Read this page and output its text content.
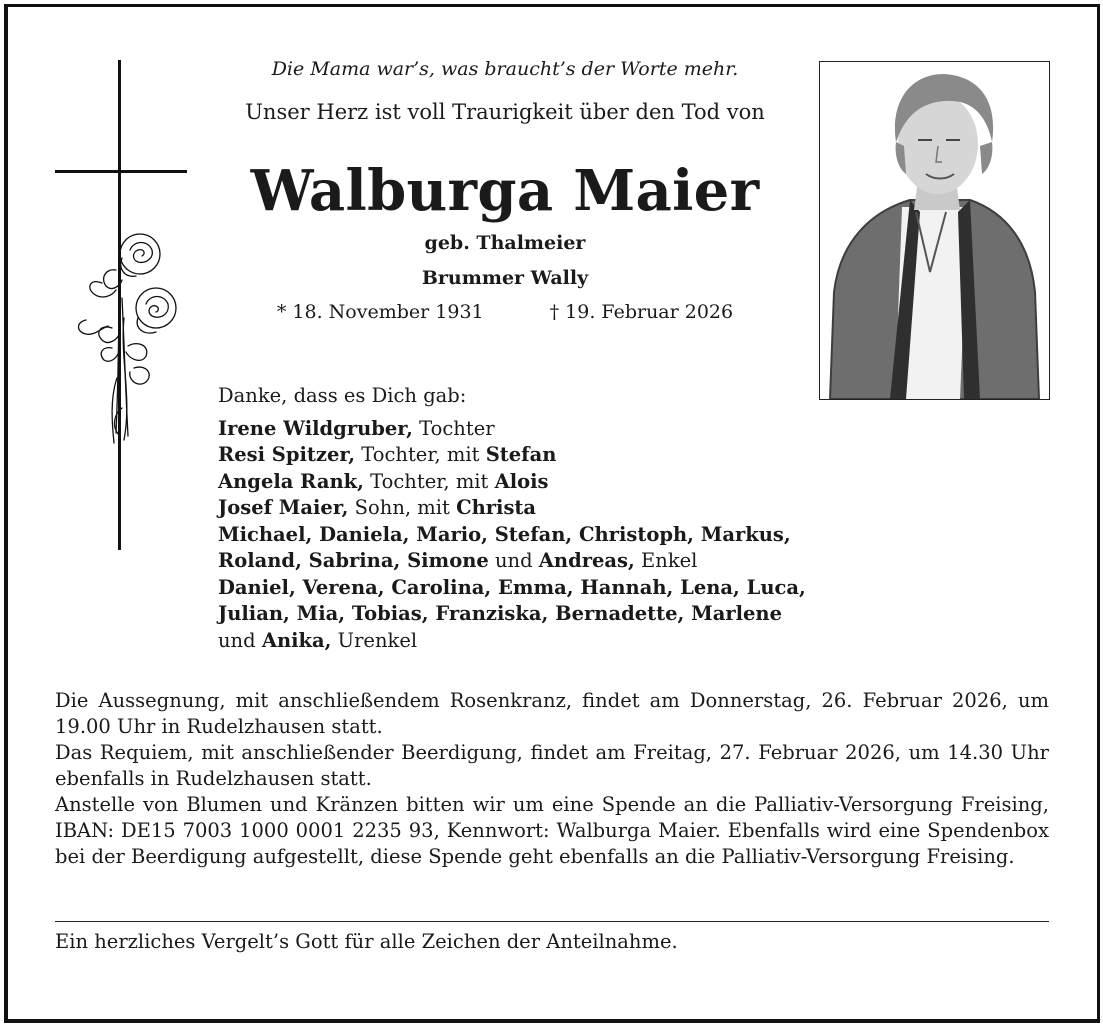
Die Mama war’s, was braucht’s der Worte mehr.
Unser Herz ist voll Traurigkeit über den Tod von
Walburga Maier
geb. Thalmeier
Brummer Wally
* 18. November 1931	† 19. Februar 2026
Danke, dass es Dich gab:
Irene Wildgruber, Tochter
Resi Spitzer, Tochter, mit Stefan
Angela Rank, Tochter, mit Alois
Josef Maier, Sohn, mit Christa
Michael, Daniela, Mario, Stefan, Christoph, Markus,
Roland, Sabrina, Simone und Andreas, Enkel
Daniel, Verena, Carolina, Emma, Hannah, Lena, Luca,
Julian, Mia, Tobias, Franziska, Bernadette, Marlene
und Anika, Urenkel

Die Aussegnung, mit anschließendem Rosenkranz, findet am Donnerstag, 26. Februar 2026, um 19.00 Uhr in Rudelzhausen statt.

Das Requiem, mit anschließender Beerdigung, findet am Freitag, 27. Februar 2026, um 14.30 Uhr ebenfalls in Rudelzhausen statt.

Anstelle von Blumen und Kränzen bitten wir um eine Spende an die Palliativ-Versorgung Freising, IBAN: DE15 7003 1000 0001 2235 93, Kennwort: Walburga Maier. Ebenfalls wird eine Spendenbox bei der Beerdigung aufgestellt, diese Spende geht ebenfalls an die Palliativ-Versorgung Freising.

Ein herzliches Vergelt’s Gott für alle Zeichen der Anteilnahme.
